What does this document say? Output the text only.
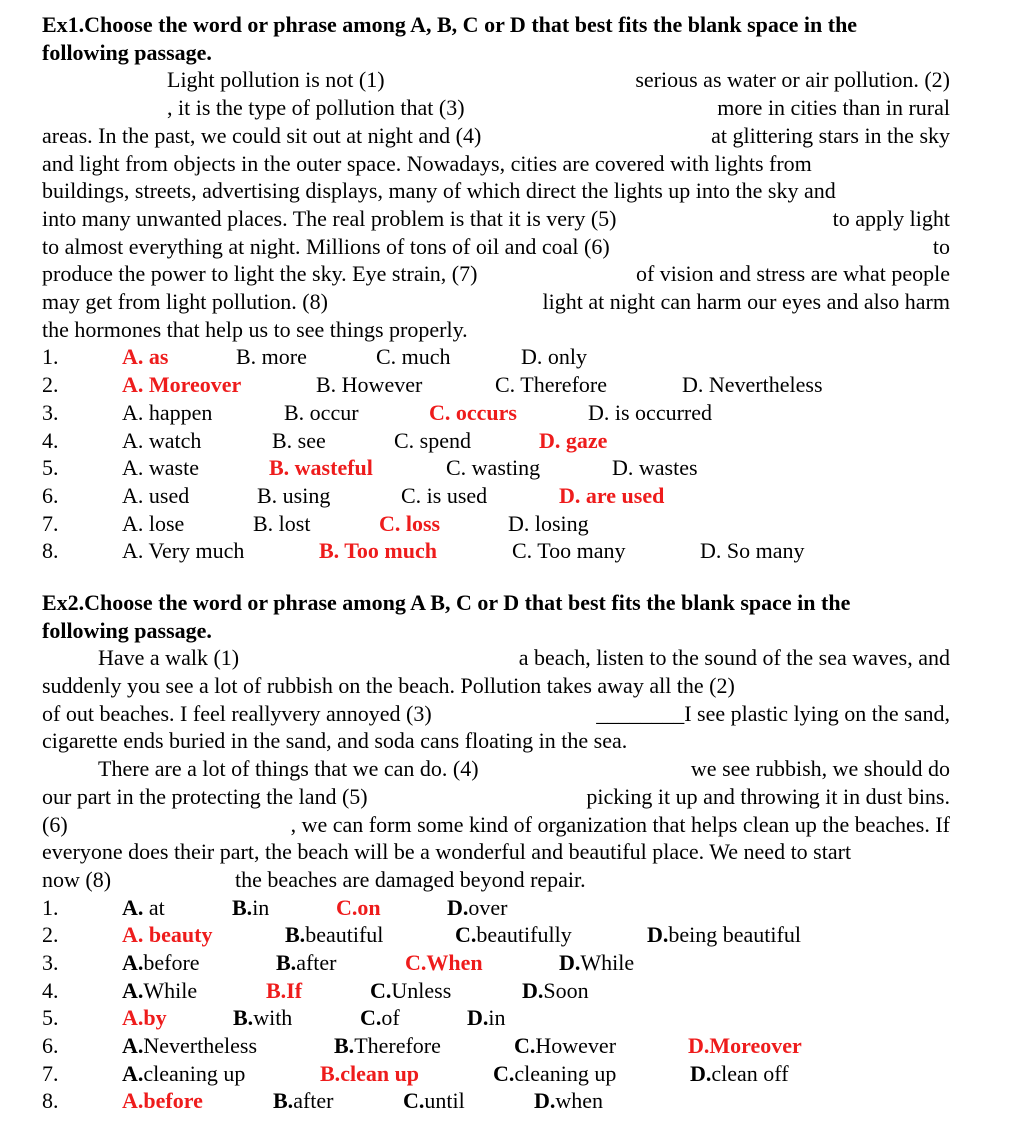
Ex1.Choose the word or phrase among A, B, C or D that best fits the blank space in the

following passage.

Light pollution is not (1)	serious as water or air pollution. (2)
, it is the type of pollution that (3)	more in cities than in rural
areas. In the past, we could sit out at night and (4)	at glittering stars in the sky
and light from objects in the outer space. Nowadays, cities are covered with lights from
buildings, streets, advertising displays, many of which direct the lights up into the sky and
into many unwanted places. The real problem is that it is very (5)	to apply light
to almost everything at night. Millions of tons of oil and coal (6)	to
produce the power to light the sky. Eye strain, (7)	of vision and stress are what people
may get from light pollution. (8)	light at night can harm our eyes and also harm
the hormones that help us to see things properly.
1.	A. as	B. more	C. much	D. only
2.	A. Moreover	B. However	C. Therefore	D. Nevertheless
3.	A. happen	B. occur	C. occurs	D. is occurred
4.	A. watch	B. see	C. spend	D. gaze
5.	A. waste	B. wasteful	C. wasting	D. wastes
6.	A. used	B. using	C. is used	D. are used
7.	A. lose	B. lost	C. loss	D. losing
8.	A. Very much	B. Too much	C. Too many	D. So many

Ex2.Choose the word or phrase among A B, C or D that best fits the blank space in the

following passage.

Have a walk (1)	a beach, listen to the sound of the sea waves, and
suddenly you see a lot of rubbish on the beach. Pollution takes away all the (2)
of out beaches. I feel reallyvery annoyed (3)	________ I see plastic lying on the sand,
cigarette ends buried in the sand, and soda cans floating in the sea.
There are a lot of things that we can do. (4)	we see rubbish, we should do
our part in the protecting the land (5)	picking it up and throwing it in dust bins.
(6)	, we can form some kind of organization that helps clean up the beaches. If
everyone does their part, the beach will be a wonderful and beautiful place. We need to start
now (8)	the beaches are damaged beyond repair.
1.	A. at	B.in	C.on	D.over
2.	A. beauty	B.beautiful	C.beautifully	D.being beautiful
3.	A.before	B.after	C.When	D.While
4.	A.While	B.If	C.Unless	D.Soon
5.	A.by	B.with	C.of	D.in
6.	A.Nevertheless	B.Therefore	C.However	D.Moreover
7.	A.cleaning up	B.clean up	C.cleaning up	D.clean off
8.	A.before	B.after	C.until	D.when
